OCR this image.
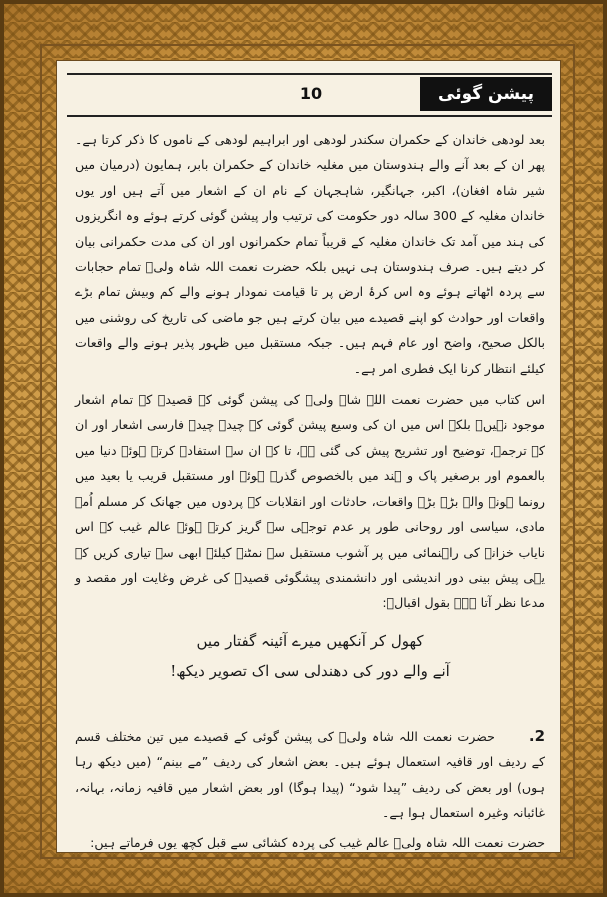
10	پیشن گوئی

بعد لودھی خاندان کے حکمران سکندر لودھی اور ابراہیم لودھی کے ناموں کا ذکر کرتا ہے۔ پھر ان کے بعد آنے والے ہندوستان میں مغلیہ خاندان کے حکمران بابر، ہمایون (درمیان میں شیر شاہ افغان)، اکبر، جہانگیر، شاہجہان کے نام ان کے اشعار میں آتے ہیں اور یوں خاندان مغلیہ کے 300 سالہ دور حکومت کی ترتیب وار پیشن گوئی کرتے ہوئے وہ انگریزوں کی ہند میں آمد تک خاندان مغلیہ کے قریباً تمام حکمرانوں اور ان کی مدت حکمرانی بیان کر دیتے ہیں۔ صرف ہندوستان ہی نہیں بلکہ حضرت نعمت اللہ شاہ ولیؒ تمام حجابات سے پردہ اٹھاتے ہوئے وہ اس کرۂ ارض پر تا قیامت نمودار ہونے والے کم وبیش تمام بڑے واقعات اور حوادث کو اپنے قصیدے میں بیان کرتے ہیں جو ماضی کی تاریخ کی روشنی میں بالکل صحیح، واضح اور عام فہم ہیں۔ جبکہ مستقبل میں ظہور پذیر ہونے والے واقعات کیلئے انتظار کرنا ایک فطری امر ہے۔

اس کتاب میں حضرت نعمت اللہ شاہ ولیؒ کی پیشن گوئی کے قصیدے کے تمام اشعار موجود نہیں۔ بلکہ اس میں ان کی وسیع پیشن گوئی کے چیدہ چیدہ فارسی اشعار اور ان کے ترجمے، توضیح اور تشریح پیش کی گئی ہے، تا کہ ان سے استفادہ کرتے ہوئے دنیا میں بالعموم اور برصغیر پاک و ہند میں بالخصوص گذرے ہوئے اور مستقبل قریب یا بعید میں رونما ہونے والے بڑے بڑے واقعات، حادثات اور انقلابات کے پردوں میں جھانک کر مسلم اُمہ مادی، سیاسی اور روحانی طور پر عدم توجہی سے گریز کرتے ہوئے عالم غیب کے اس نایاب خزانے کی راہنمائی میں پر آشوب مستقبل سے نمٹنے کیلئے ابھی سے تیاری کریں کہ یہی پیش بینی دور اندیشی اور دانشمندی پیشگوئی قصیدے کی غرض وغایت اور مقصد و مدعا نظر آتا ہے۔ بقول اقبالؒ:

کھول کر آنکھیں میرے آئینہ گفتار میں

آنے والے دور کی دھندلی سی اک تصویر دیکھ!

2.حضرت نعمت اللہ شاہ ولیؒ کی پیشن گوئی کے قصیدے میں تین مختلف قسم کے ردیف اور قافیہ استعمال ہوئے ہیں۔ بعض اشعار کی ردیف ”مے بینم“ (میں دیکھ رہا ہوں) اور بعض کی ردیف ”پیدا شود“ (پیدا ہوگا) اور بعض اشعار میں قافیہ زمانہ، بہانہ، غائبانہ وغیرہ استعمال ہوا ہے۔

حضرت نعمت اللہ شاہ ولیؒ عالم غیب کی پردہ کشائی سے قبل کچھ یوں فرماتے ہیں:
